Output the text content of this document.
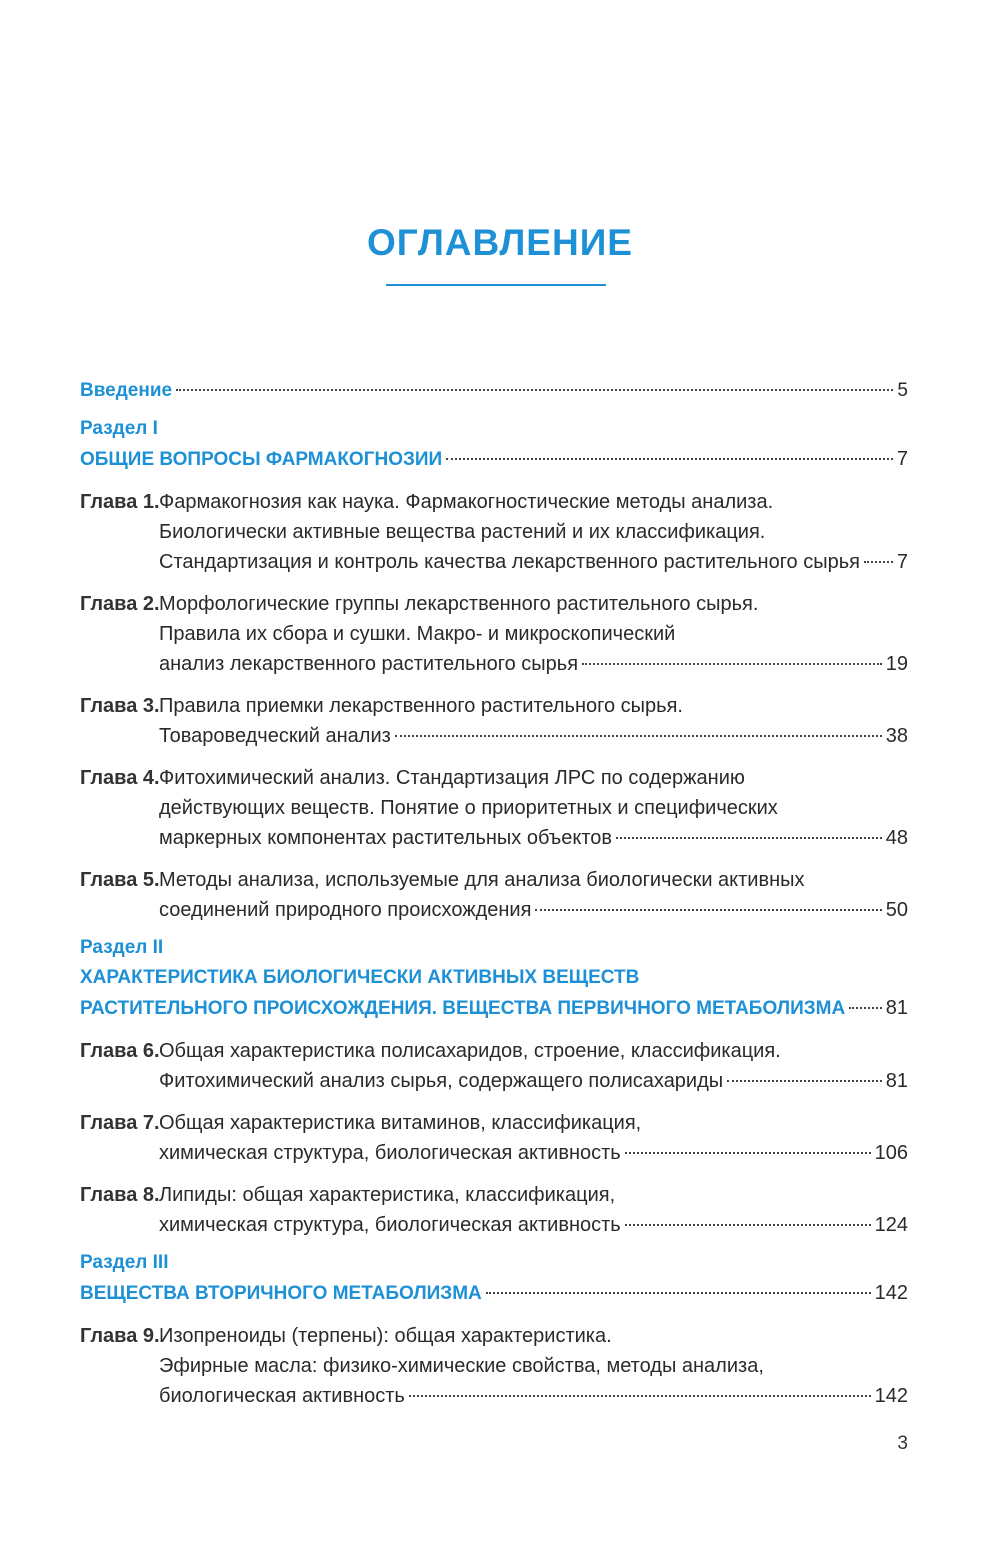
ОГЛАВЛЕНИЕ
Введение	5
Раздел I
ОБЩИЕ ВОПРОСЫ ФАРМАКОГНОЗИИ	7
Глава 1. Фармакогнозия как наука. Фармакогностические методы анализа.
Биологически активные вещества растений и их классификация.
Стандартизация и контроль качества лекарственного растительного сырья 7
Глава 2. Морфологические группы лекарственного растительного сырья.
Правила их сбора и сушки. Макро- и микроскопический
анализ лекарственного растительного сырья	19
Глава 3. Правила приемки лекарственного растительного сырья.
Товароведческий анализ	38
Глава 4. Фитохимический анализ. Стандартизация ЛРС по содержанию
действующих веществ. Понятие о приоритетных и специфических
маркерных компонентах растительных объектов	48
Глава 5. Методы анализа, используемые для анализа биологически активных
соединений природного происхождения	50
Раздел II
ХАРАКТЕРИСТИКА БИОЛОГИЧЕСКИ АКТИВНЫХ ВЕЩЕСТВ
РАСТИТЕЛЬНОГО ПРОИСХОЖДЕНИЯ. ВЕЩЕСТВА ПЕРВИЧНОГО МЕТАБОЛИЗМА 81
Глава 6. Общая характеристика полисахаридов, строение, классификация.
Фитохимический анализ сырья, содержащего полисахариды	81
Глава 7. Общая характеристика витаминов, классификация,
химическая структура, биологическая активность	106
Глава 8. Липиды: общая характеристика, классификация,
химическая структура, биологическая активность	124
Раздел III
ВЕЩЕСТВА ВТОРИЧНОГО МЕТАБОЛИЗМА	142
Глава 9. Изопреноиды (терпены): общая характеристика.
Эфирные масла: физико-химические свойства, методы анализа,
биологическая активность	142
3
